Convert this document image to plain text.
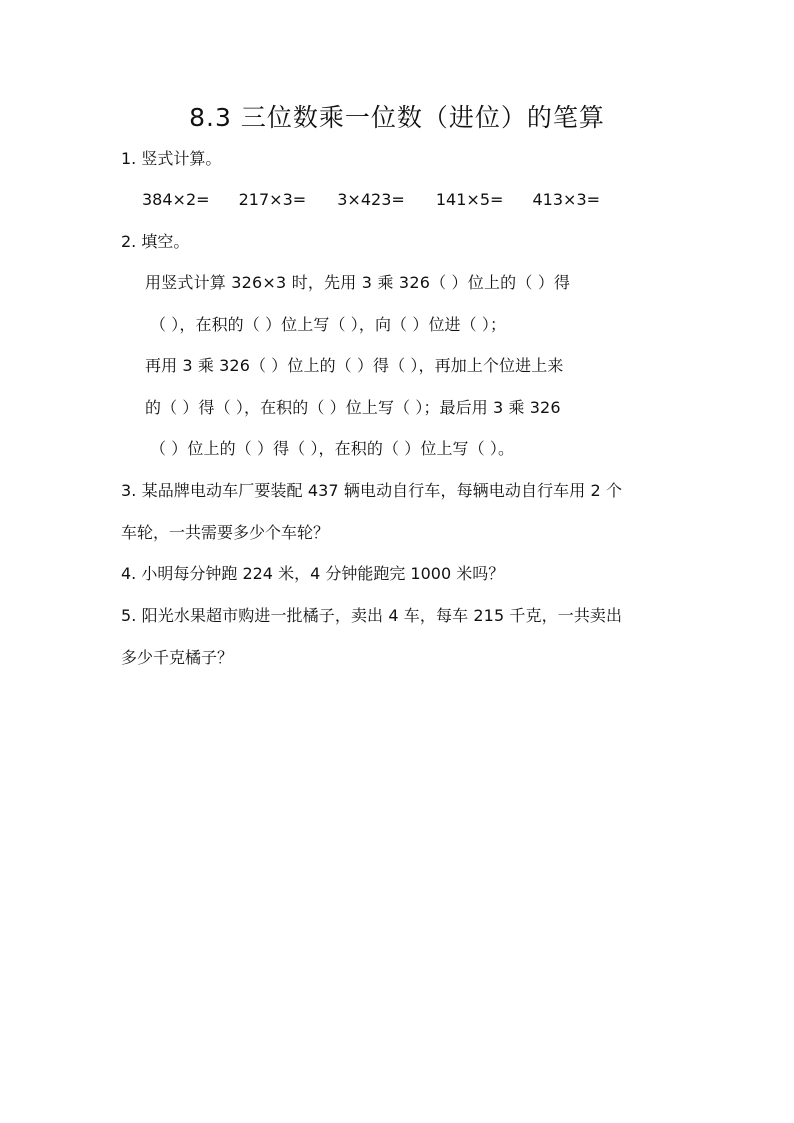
8.3 三位数乘一位数（进位）的笔算
1. 竖式计算。
384×2= 217×3= 3×423= 141×5= 413×3=
2. 填空。
用竖式计算 326×3 时，先用 3 乘 326（ ）位上的（ ）得
（ ），在积的（ ）位上写（ ），向（ ）位进（ ）；
再用 3 乘 326（ ）位上的（ ）得（ ），再加上个位进上来
的（ ）得（ ），在积的（ ）位上写（ ）；最后用 3 乘 326
（ ）位上的（ ）得（ ），在积的（ ）位上写（ ）。
3. 某品牌电动车厂要装配 437 辆电动自行车，每辆电动自行车用 2 个
车轮，一共需要多少个车轮？
4. 小明每分钟跑 224 米，4 分钟能跑完 1000 米吗？
5. 阳光水果超市购进一批橘子，卖出 4 车，每车 215 千克，一共卖出
多少千克橘子？
